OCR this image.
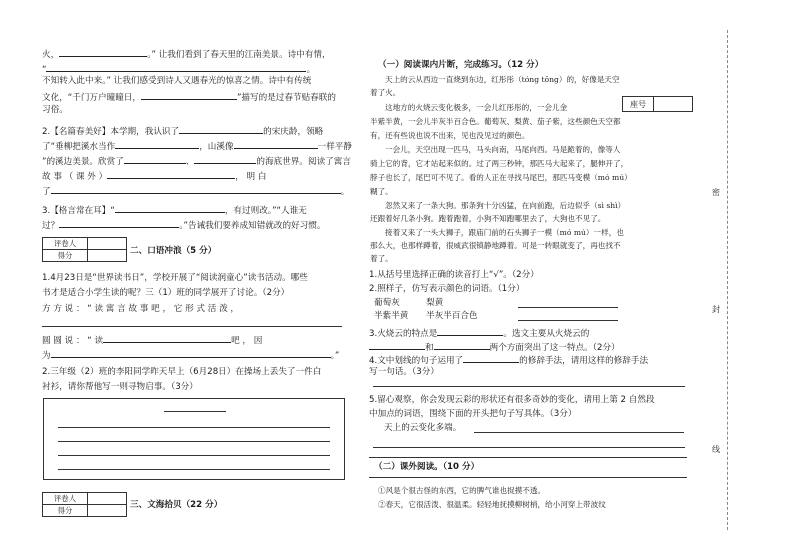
火，	。” 让我们看到了春天里的江南美景。诗中有情，
“	。
不知转入此中来。” 让我们感受到诗人又遇春光的惊喜之情。诗中有传统
文化，“千门万户曈曈日，	”描写的是过春节贴春联的
习俗。
2.【名篇春美好】本学期，我认识了	的宋庆龄，领略
了“垂柳把溪水当作	，山溪像	一样平静
”的溪边美景。欣赏了	、	的海底世界。阅读了寓言
故 事 （ 课 外 ）	， 明 白
了	。
3.【格言常在耳】“	，有过则改。”“人谁无
过？	。”告诫我们要养成知错就改的好习惯。
评卷人	
得分		二、口语冲浪（5 分）
1.4月23日是“世界读书日”，学校开展了“阅读润童心”读书活动。哪些
书才是适合小学生读的呢？三（1）班的同学展开了讨论。（2分）
方 方 说 ： “ 读 寓 言 故 事 吧 ， 它 形 式 活 泼 ，
圆 圆 说 ： “ 读	吧 ， 因
为	。”
2.三年级（2）班的李阳同学昨天早上（6月28日）在操场上丢失了一件白
衬衫，请你帮他写一则寻物启事。（3分）
评卷人	
得分	
三、文海拾贝（22 分）
（一）阅读课内片断，完成练习。（12 分）
天上的云从西边一直烧到东边，红彤彤（tóng tōng）的，好像是天空
着了火。
这地方的火烧云变化极多，一会儿红彤彤的，一会儿金
半紫半黄，一会儿半灰半百合色。葡萄灰、梨黄、茄子紫，这些颜色天空都
有，还有些说也说不出来，见也没见过的颜色。
一会儿，天空出现一匹马，马头向南，马尾向西。马是跪着的，像等人
骑上它的背，它才站起来似的。过了两三秒钟，那匹马大起来了，腿伸开了，
脖子也长了，尾巴可不见了。看的人正在寻找马尾巴，那匹马变模（mó mú）
糊了。
忽然又来了一条大狗。那条狗十分凶猛，在向前跑，后边似乎（sì shì）
还跟着好几条小狗。跑着跑着，小狗不知跑哪里去了，大狗也不见了。
接着又来了一头大狮子，跟庙门前的石头狮子一模（mó mú）一样，也
那么大，也那样蹲着，很威武很镇静地蹲着。可是一转眼就变了，再也找不
着了。
座号	
1.从括号里选择正确的读音打上“√”。（2分）
2.照样子，仿写表示颜色的词语。（1分）
葡萄灰	梨黄
半紫半黄 半灰半百合色
3.火烧云的特点是	。选文主要从火烧云的
和	两个方面突出了这一特点。（2分）
4.文中划线的句子运用了	的修辞手法，请用这样的修辞手法
写一句话。（3分）
5.留心观察，你会发现云彩的形状还有很多奇妙的变化，请用上第 2 自然段
中加点的词语，围绕下面的开头把句子写具体。（3分）
天上的云变化多端。
（二）课外阅读。（10 分）
①风是个很古怪的东西，它的脾气谁也捉摸不透。
②春天，它很活泼、很温柔。轻轻地抚摸柳树梢，给小河穿上带波纹
密
封
线
